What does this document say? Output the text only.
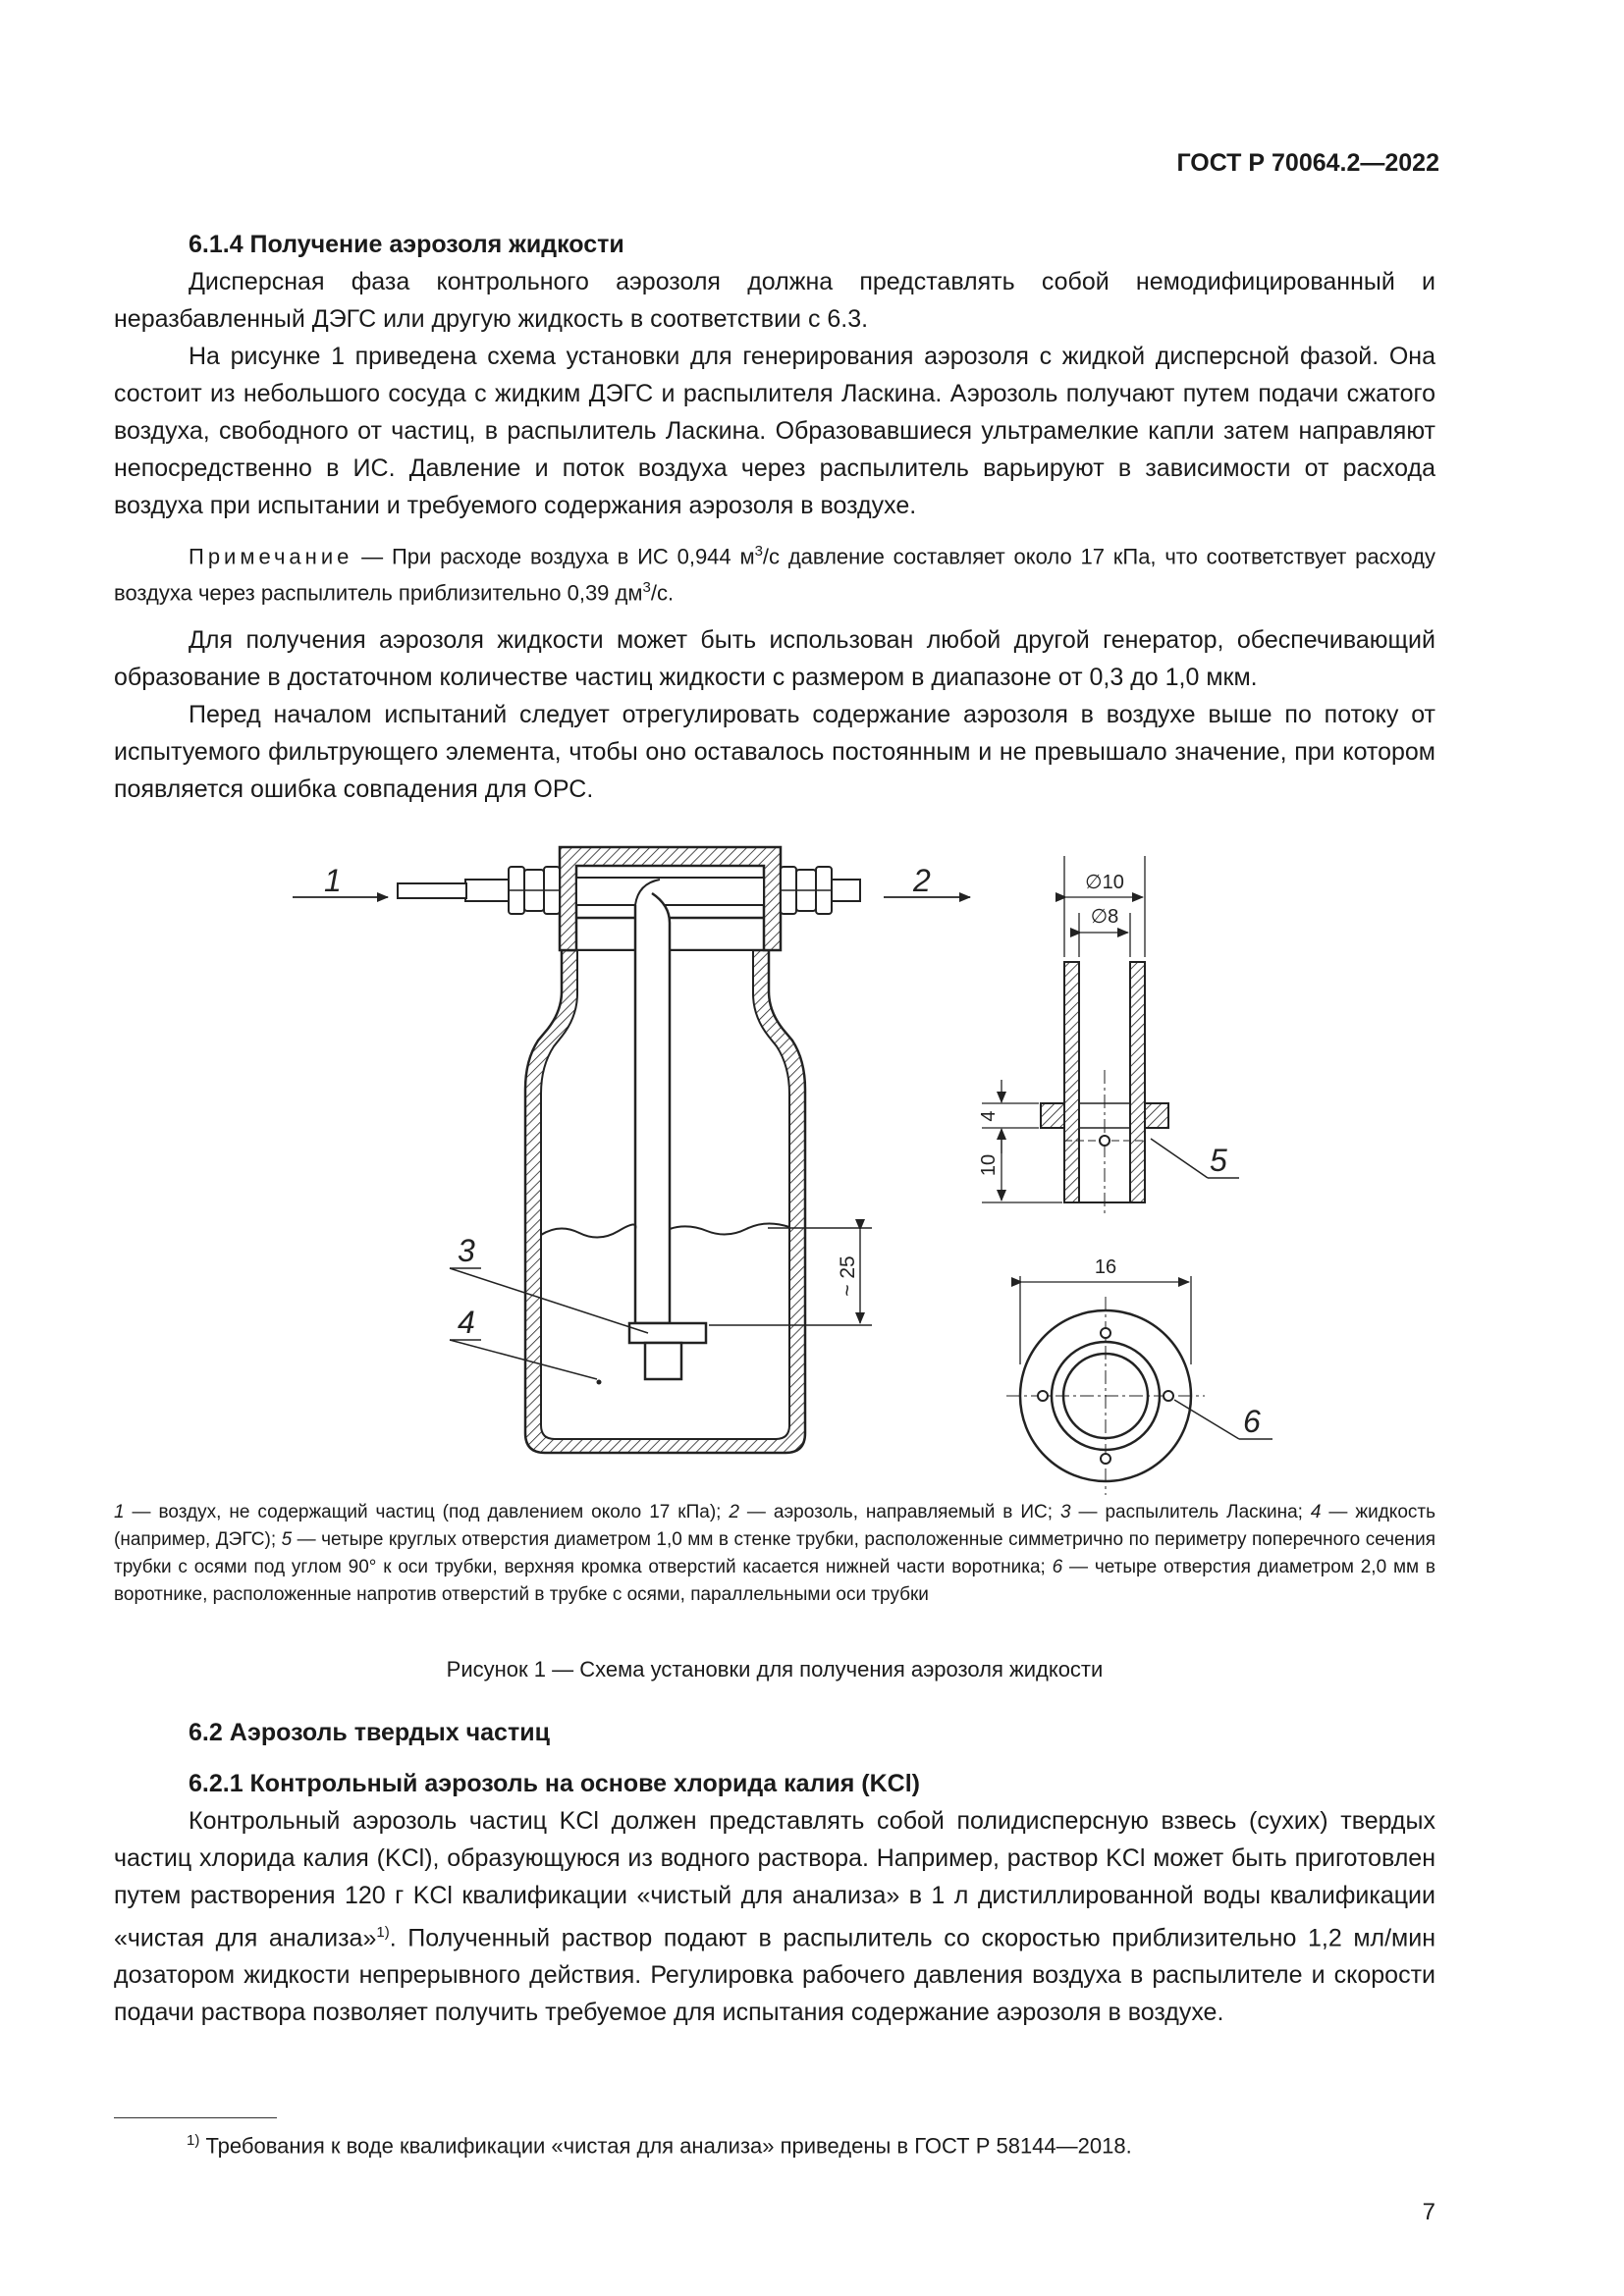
ГОСТ Р 70064.2—2022

6.1.4 Получение аэрозоля жидкости

Дисперсная фаза контрольного аэрозоля должна представлять собой немодифицированный и неразбавленный ДЭГС или другую жидкость в соответствии с 6.3.

На рисунке 1 приведена схема установки для генерирования аэрозоля с жидкой дисперсной фазой. Она состоит из небольшого сосуда с жидким ДЭГС и распылителя Ласкина. Аэрозоль получают путем подачи сжатого воздуха, свободного от частиц, в распылитель Ласкина. Образовавшиеся ультрамелкие капли затем направляют непосредственно в ИС. Давление и поток воздуха через распылитель варьируют в зависимости от расхода воздуха при испытании и требуемого содержания аэрозоля в воздухе.

Примечание — При расходе воздуха в ИС 0,944 $м^3/с$ давление составляет около 17 кПа, что соответствует расходу воздуха через распылитель приблизительно 0,39 $дм^3/с$.

Для получения аэрозоля жидкости может быть использован любой другой генератор, обеспечивающий образование в достаточном количестве частиц жидкости с размером в диапазоне от 0,3 до 1,0 мкм.

Перед началом испытаний следует отрегулировать содержание аэрозоля в воздухе выше по потоку от испытуемого фильтрующего элемента, чтобы оно оставалось постоянным и не превышало значение, при котором появляется ошибка совпадения для ОРС.

~ 25
1	2
3
4
∅10
∅8
4
10	5
16
6
1 — воздух, не содержащий частиц (под давлением около 17 кПа); 2 — аэрозоль, направляемый в ИС; 3 — распылитель Ласкина; 4 — жидкость (например, ДЭГС); 5 — четыре круглых отверстия диаметром 1,0 мм в стенке трубки, расположенные симметрично по периметру поперечного сечения трубки с осями под углом 90° к оси трубки, верхняя кромка отверстий касается нижней части воротника; 6 — четыре отверстия диаметром 2,0 мм в воротнике, расположенные напротив отверстий в трубке с осями, параллельными оси трубки
Рисунок 1 — Схема установки для получения аэрозоля жидкости

6.2 Аэрозоль твердых частиц

6.2.1 Контрольный аэрозоль на основе хлорида калия (KCl)

Контрольный аэрозоль частиц KCl должен представлять собой полидисперсную взвесь (сухих) твердых частиц хлорида калия (KCl), образующуюся из водного раствора. Например, раствор KCl может быть приготовлен путем растворения 120 г KCl квалификации «чистый для анализа» в 1 л дистиллированной воды квалификации «чистая для анализа»$^{1)}$. Полученный раствор подают в распылитель со скоростью приблизительно 1,2 мл/мин дозатором жидкости непрерывного действия. Регулировка рабочего давления воздуха в распылителе и скорости подачи раствора позволяет получить требуемое для испытания содержание аэрозоля в воздухе.

$^{1)}$ Требования к воде квалификации «чистая для анализа» приведены в ГОСТ Р 58144—2018.
7
